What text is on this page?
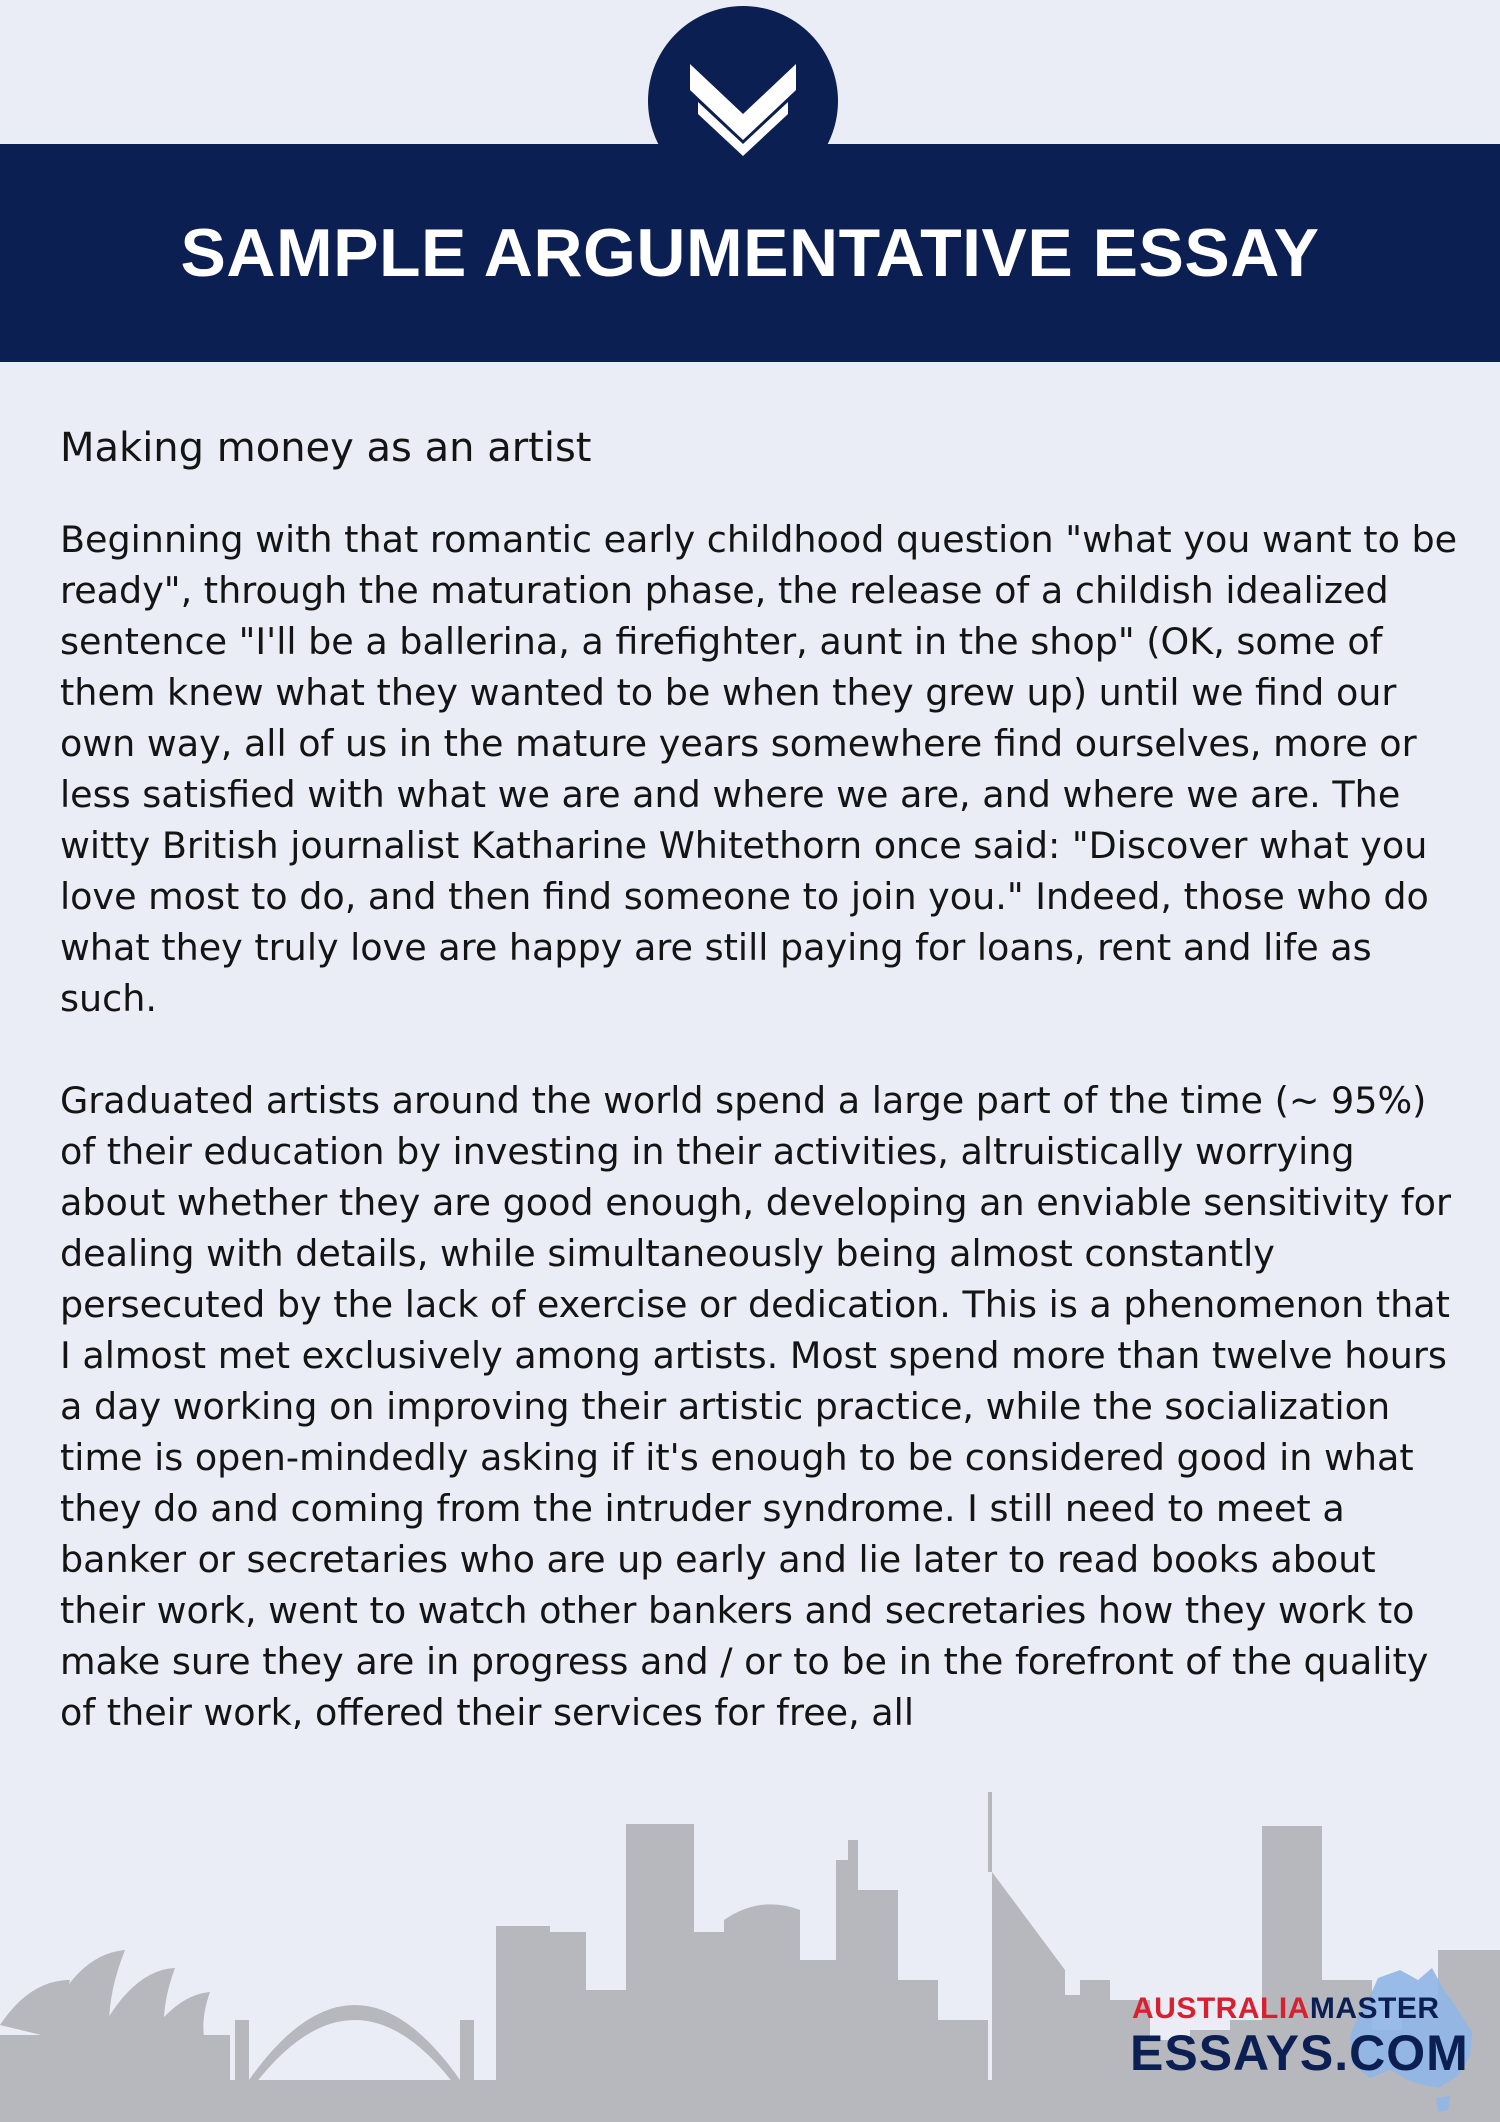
SAMPLE ARGUMENTATIVE ESSAY
Making money as an artist

Beginning with that romantic early childhood question "what you want to be ready", through the maturation phase, the release of a childish idealized sentence "I'll be a ballerina, a firefighter, aunt in the shop" (OK, some of them knew what they wanted to be when they grew up) until we find our own way, all of us in the mature years somewhere find ourselves, more or less satisfied with what we are and where we are, and where we are. The witty British journalist Katharine Whitethorn once said: "Discover what you love most to do, and then find someone to join you." Indeed, those who do what they truly love are happy are still paying for loans, rent and life as such.

Graduated artists around the world spend a large part of the time (~ 95%) of their education by investing in their activities, altruistically worrying about whether they are good enough, developing an enviable sensitivity for dealing with details, while simultaneously being almost constantly persecuted by the lack of exercise or dedication. This is a phenomenon that I almost met exclusively among artists. Most spend more than twelve hours a day working on improving their artistic practice, while the socialization time is open-mindedly asking if it's enough to be considered good in what they do and coming from the intruder syndrome. I still need to meet a banker or secretaries who are up early and lie later to read books about their work, went to watch other bankers and secretaries how they work to make sure they are in progress and / or to be in the forefront of the quality of their work, offered their services for free, all

AUSTRALIAMASTER
ESSAYS.COM
